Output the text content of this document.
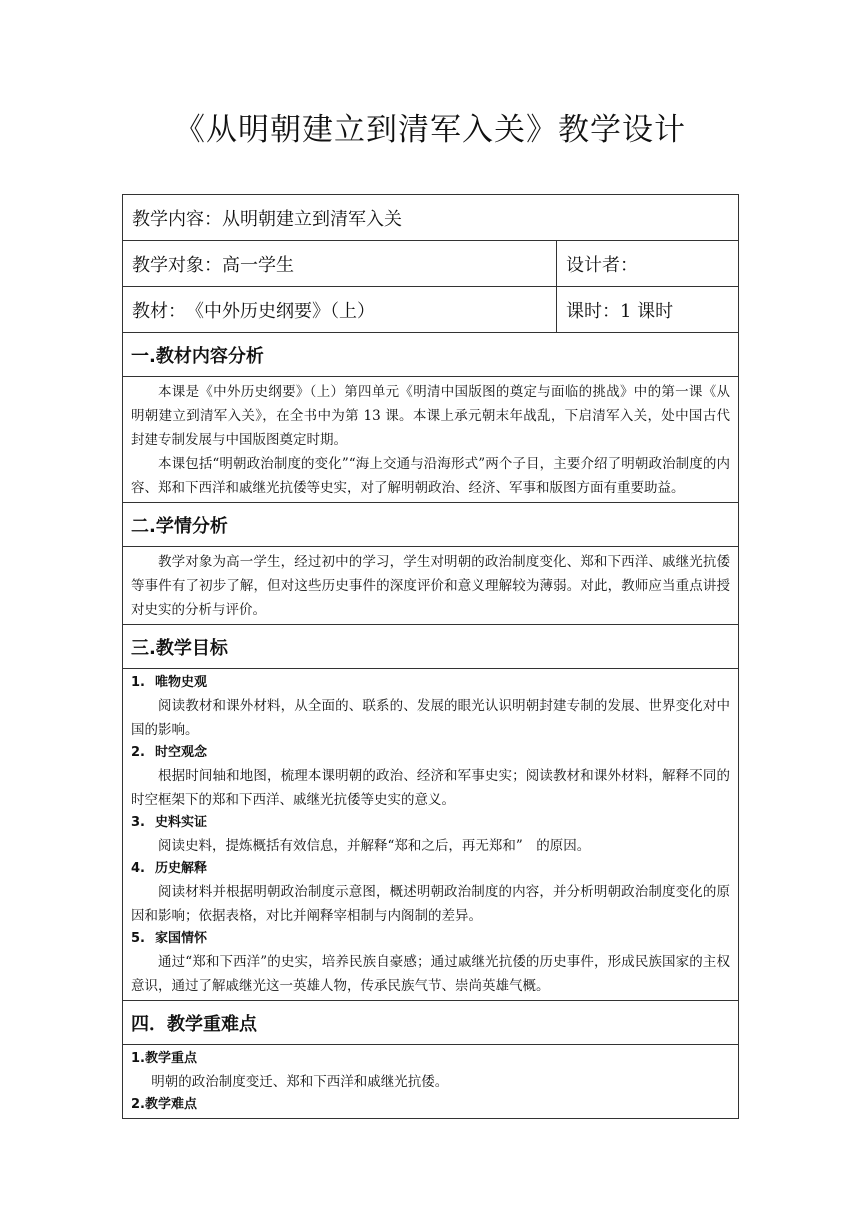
《从明朝建立到清军入关》教学设计
教学内容：从明朝建立到清军入关
教学对象：高一学生	设计者：
教材：　《中外历史纲要》（上）	课时：1 课时
一.教材内容分析

本课是《中外历史纲要》（上）第四单元《明清中国版图的奠定与面临的挑战》中的第一课《从明朝建立到清军入关》，在全书中为第 13 课。本课上承元朝末年战乱，下启清军入关，处中国古代封建专制发展与中国版图奠定时期。

本课包括“明朝政治制度的变化”“海上交通与沿海形式”两个子目，主要介绍了明朝政治制度的内容、郑和下西洋和戚继光抗倭等史实，对了解明朝政治、经济、军事和版图方面有重要助益。

二.学情分析

教学对象为高一学生，经过初中的学习，学生对明朝的政治制度变化、郑和下西洋、戚继光抗倭等事件有了初步了解，但对这些历史事件的深度评价和意义理解较为薄弱。对此，教师应当重点讲授对史实的分析与评价。

三.教学目标
1. 唯物史观

阅读教材和课外材料，从全面的、联系的、发展的眼光认识明朝封建专制的发展、世界变化对中国的影响。

2. 时空观念

根据时间轴和地图，梳理本课明朝的政治、经济和军事史实；阅读教材和课外材料，解释不同的时空框架下的郑和下西洋、戚继光抗倭等史实的意义。

3. 史料实证

阅读史料，提炼概括有效信息，并解释“郑和之后，再无郑和”　的原因。

4. 历史解释

阅读材料并根据明朝政治制度示意图，概述明朝政治制度的内容，并分析明朝政治制度变化的原因和影响；依据表格，对比并阐释宰相制与内阁制的差异。

5. 家国情怀

通过“郑和下西洋”的史实，培养民族自豪感；通过戚继光抗倭的历史事件，形成民族国家的主权意识，通过了解戚继光这一英雄人物，传承民族气节、崇尚英雄气概。

四．教学重难点
1.教学重点

明朝的政治制度变迁、郑和下西洋和戚继光抗倭。

2.教学难点
